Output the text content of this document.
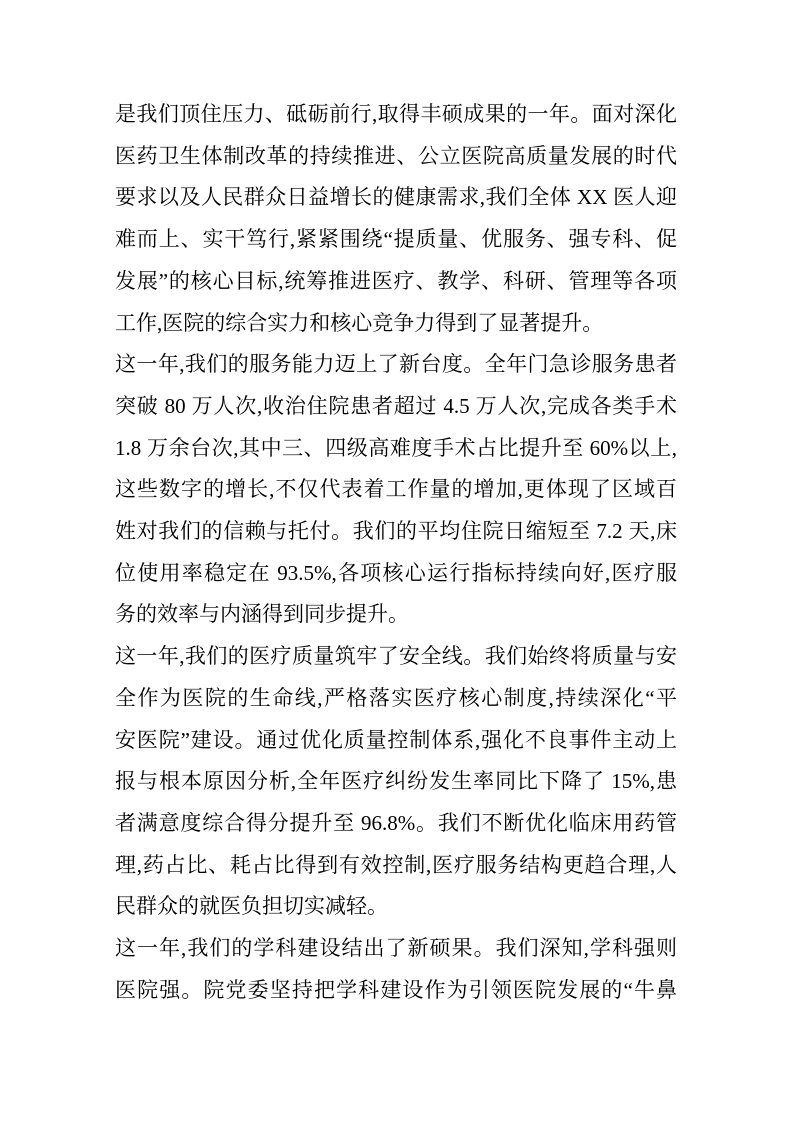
是我们顶住压力、砥砺前行,取得丰硕成果的一年。面对深化
医药卫生体制改革的持续推进、公立医院高质量发展的时代
要求以及人民群众日益增长的健康需求,我们全体 XX 医人迎
难而上、实干笃行,紧紧围绕“提质量、优服务、强专科、促
发展”的核心目标,统筹推进医疗、教学、科研、管理等各项
工作,医院的综合实力和核心竞争力得到了显著提升。

这一年,我们的服务能力迈上了新台度。全年门急诊服务患者
突破 80 万人次,收治住院患者超过 4.5 万人次,完成各类手术
1.8 万余台次,其中三、四级高难度手术占比提升至 60%以上,
这些数字的增长,不仅代表着工作量的增加,更体现了区域百
姓对我们的信赖与托付。我们的平均住院日缩短至 7.2 天,床
位使用率稳定在 93.5%,各项核心运行指标持续向好,医疗服
务的效率与内涵得到同步提升。

这一年,我们的医疗质量筑牢了安全线。我们始终将质量与安
全作为医院的生命线,严格落实医疗核心制度,持续深化“平
安医院”建设。通过优化质量控制体系,强化不良事件主动上
报与根本原因分析,全年医疗纠纷发生率同比下降了 15%,患
者满意度综合得分提升至 96.8%。我们不断优化临床用药管
理,药占比、耗占比得到有效控制,医疗服务结构更趋合理,人
民群众的就医负担切实减轻。

这一年,我们的学科建设结出了新硕果。我们深知,学科强则
医院强。院党委坚持把学科建设作为引领医院发展的“牛鼻
